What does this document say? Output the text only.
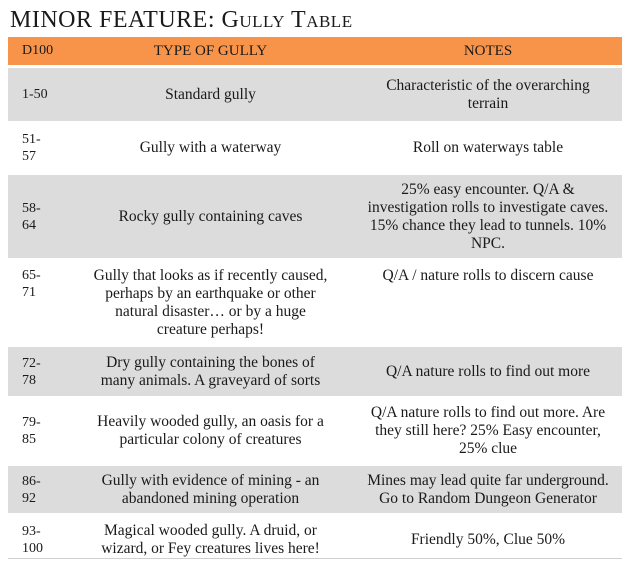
MINOR FEATURE: Gully Table
D100	TYPE OF GULLY	NOTES

1-50	Standard gully	Characteristic of the overarching
terrain

51-
57	Gully with a waterway	Roll on waterways table

58-
64	Rocky gully containing caves	25% easy encounter. Q/A &
investigation rolls to investigate caves.
15% chance they lead to tunnels. 10%
NPC.

65-
71	Gully that looks as if recently caused,
perhaps by an earthquake or other
natural disaster… or by a huge
creature perhaps!	Q/A / nature rolls to discern cause

72-
78	Dry gully containing the bones of
many animals. A graveyard of sorts	Q/A nature rolls to find out more

79-
85	Heavily wooded gully, an oasis for a
particular colony of creatures	Q/A nature rolls to find out more. Are
they still here? 25% Easy encounter,
25% clue

86-
92	Gully with evidence of mining - an
abandoned mining operation	Mines may lead quite far underground.
Go to Random Dungeon Generator

93-
100	Magical wooded gully. A druid, or
wizard, or Fey creatures lives here!	Friendly 50%, Clue 50%
